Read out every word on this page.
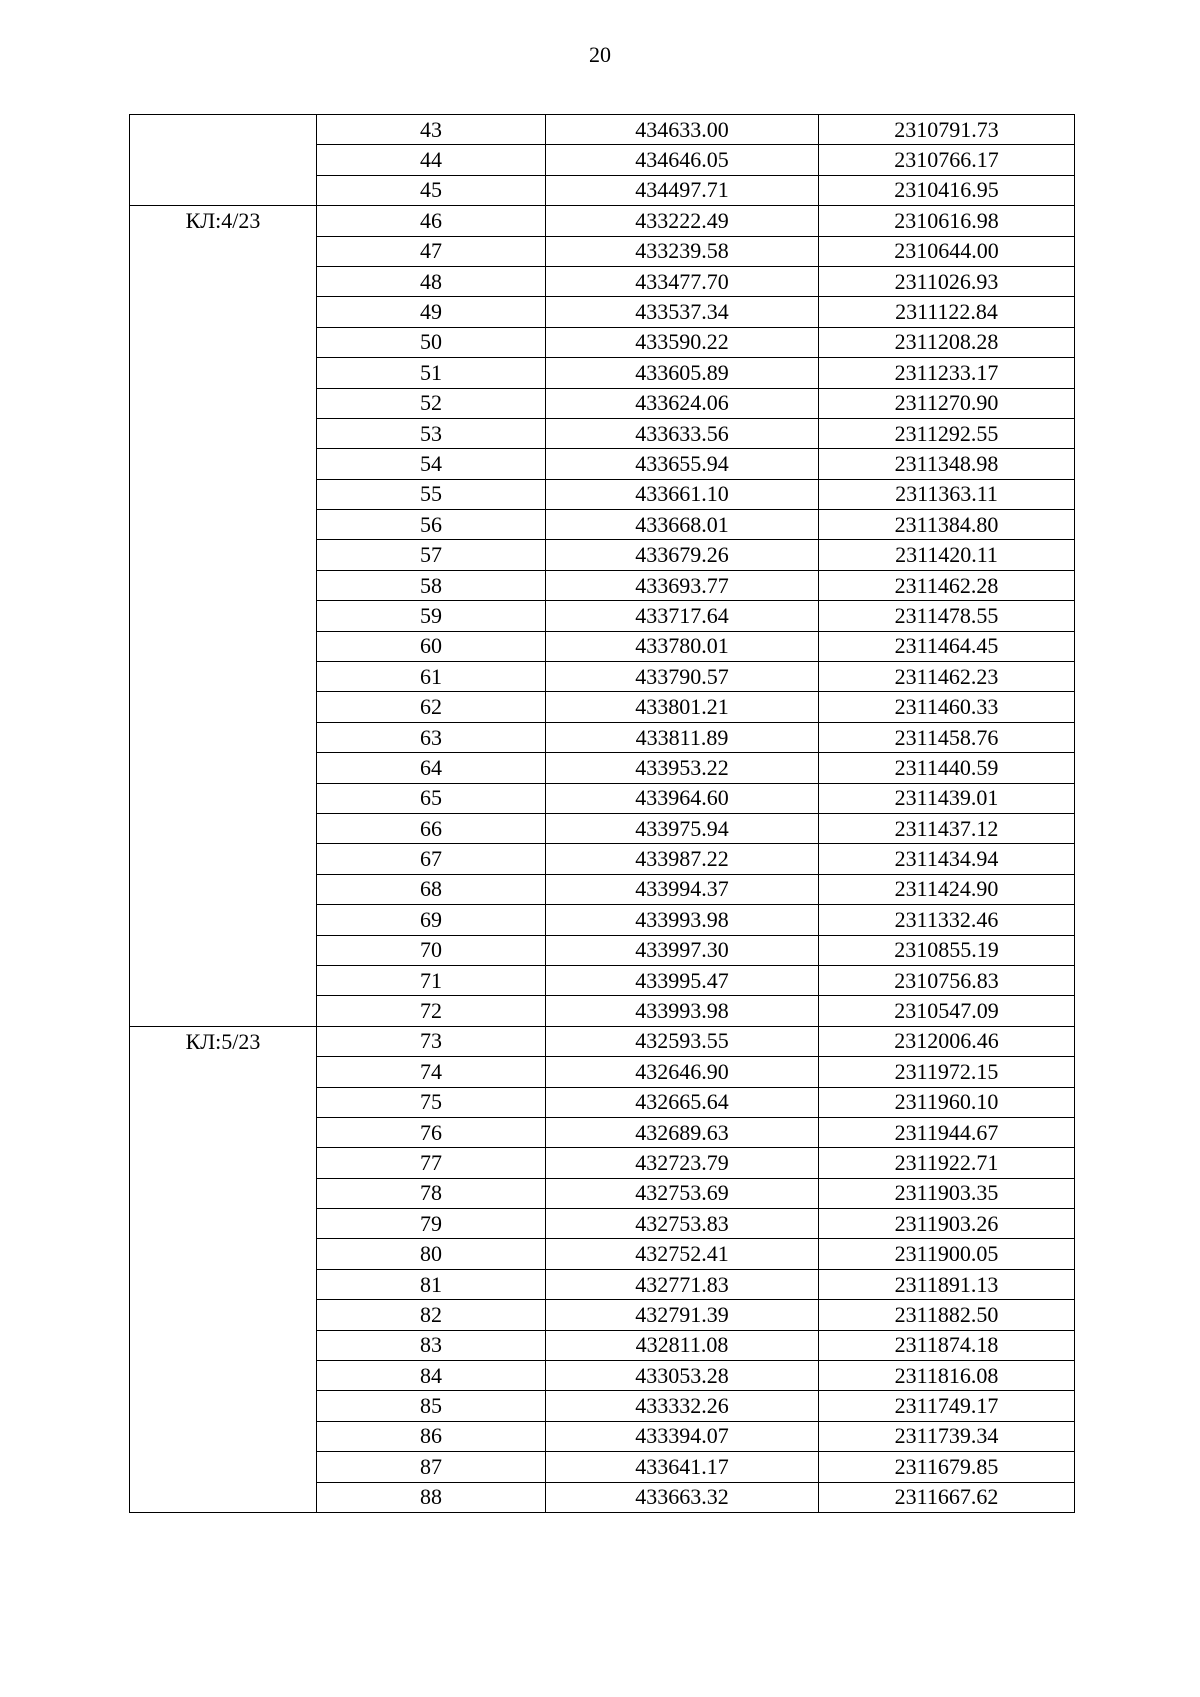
20
	43	434633.00	2310791.73
	44	434646.05	2310766.17
	45	434497.71	2310416.95
КЛ:4/23	46	433222.49	2310616.98
	47	433239.58	2310644.00
	48	433477.70	2311026.93
	49	433537.34	2311122.84
	50	433590.22	2311208.28
	51	433605.89	2311233.17
	52	433624.06	2311270.90
	53	433633.56	2311292.55
	54	433655.94	2311348.98
	55	433661.10	2311363.11
	56	433668.01	2311384.80
	57	433679.26	2311420.11
	58	433693.77	2311462.28
	59	433717.64	2311478.55
	60	433780.01	2311464.45
	61	433790.57	2311462.23
	62	433801.21	2311460.33
	63	433811.89	2311458.76
	64	433953.22	2311440.59
	65	433964.60	2311439.01
	66	433975.94	2311437.12
	67	433987.22	2311434.94
	68	433994.37	2311424.90
	69	433993.98	2311332.46
	70	433997.30	2310855.19
	71	433995.47	2310756.83
	72	433993.98	2310547.09
КЛ:5/23	73	432593.55	2312006.46
	74	432646.90	2311972.15
	75	432665.64	2311960.10
	76	432689.63	2311944.67
	77	432723.79	2311922.71
	78	432753.69	2311903.35
	79	432753.83	2311903.26
	80	432752.41	2311900.05
	81	432771.83	2311891.13
	82	432791.39	2311882.50
	83	432811.08	2311874.18
	84	433053.28	2311816.08
	85	433332.26	2311749.17
	86	433394.07	2311739.34
	87	433641.17	2311679.85
	88	433663.32	2311667.62
